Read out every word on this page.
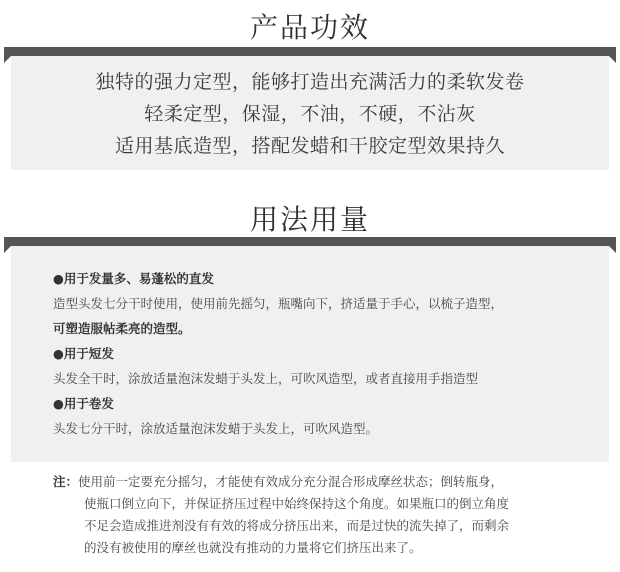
产品功效
独特的强力定型，能够打造出充满活力的柔软发卷
轻柔定型，保湿，不油，不硬，不沾灰
适用基底造型，搭配发蜡和干胶定型效果持久
用法用量
●用于发量多、易蓬松的直发
造型头发七分干时使用，使用前先摇匀，瓶嘴向下，挤适量于手心，以梳子造型，
可塑造服帖柔亮的造型。
●用于短发
头发全干时，涂放适量泡沫发蜡于头发上，可吹风造型，或者直接用手指造型
●用于卷发
头发七分干时，涂放适量泡沫发蜡于头发上，可吹风造型。
注：使用前一定要充分摇匀，才能使有效成分充分混合形成摩丝状态；倒转瓶身，
使瓶口倒立向下，并保证挤压过程中始终保持这个角度。如果瓶口的倒立角度
不足会造成推进剂没有有效的将成分挤压出来，而是过快的流失掉了，而剩余
的没有被使用的摩丝也就没有推动的力量将它们挤压出来了。
